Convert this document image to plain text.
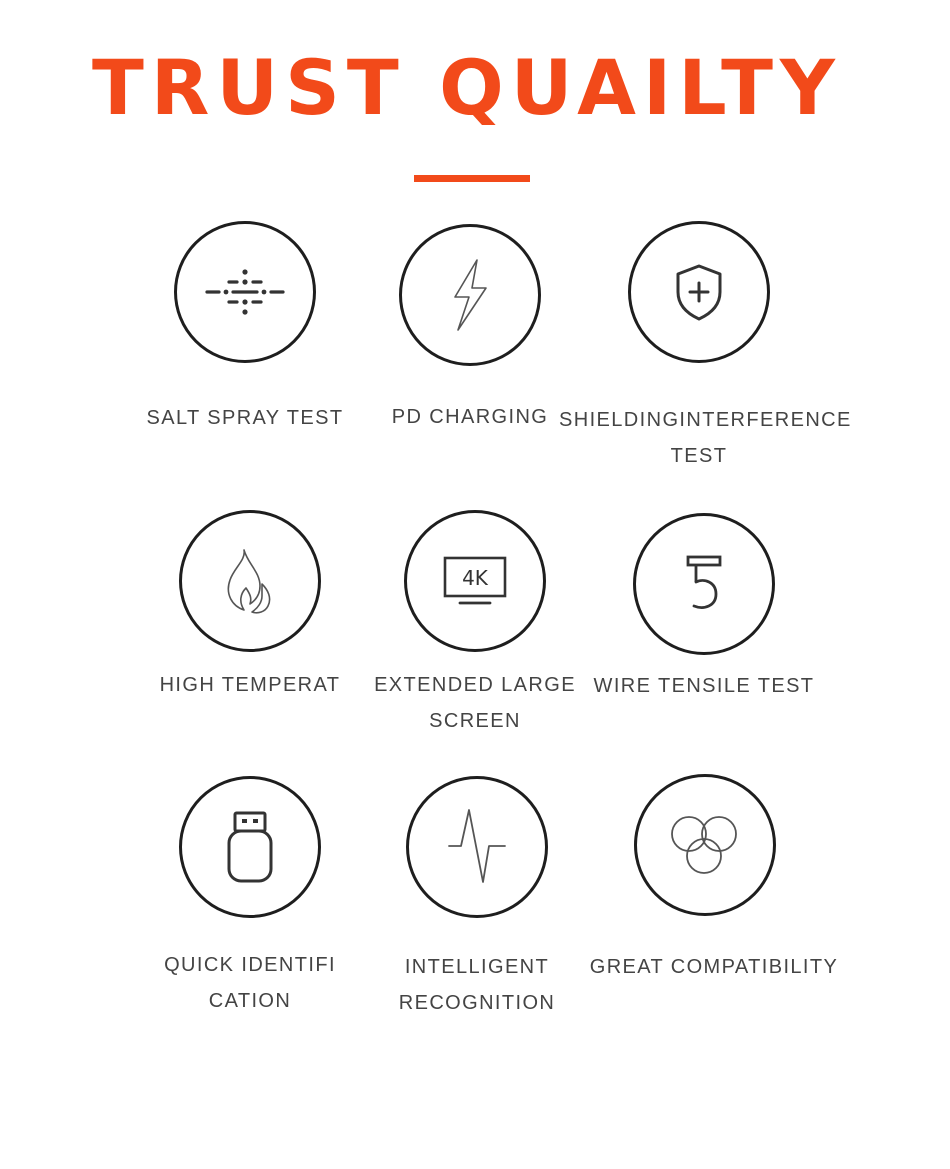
TRUST QUAILTY
SALT SPRAY TEST	PD CHARGING SHIELDINGINTERFERENCE
TEST
HIGH TEMPERAT
4K
EXTENDED LARGE
SCREEN
WIRE TENSILE TEST
QUICK IDENTIFI
CATION
INTELLIGENT
RECOGNITION
GREAT COMPATIBILITY
